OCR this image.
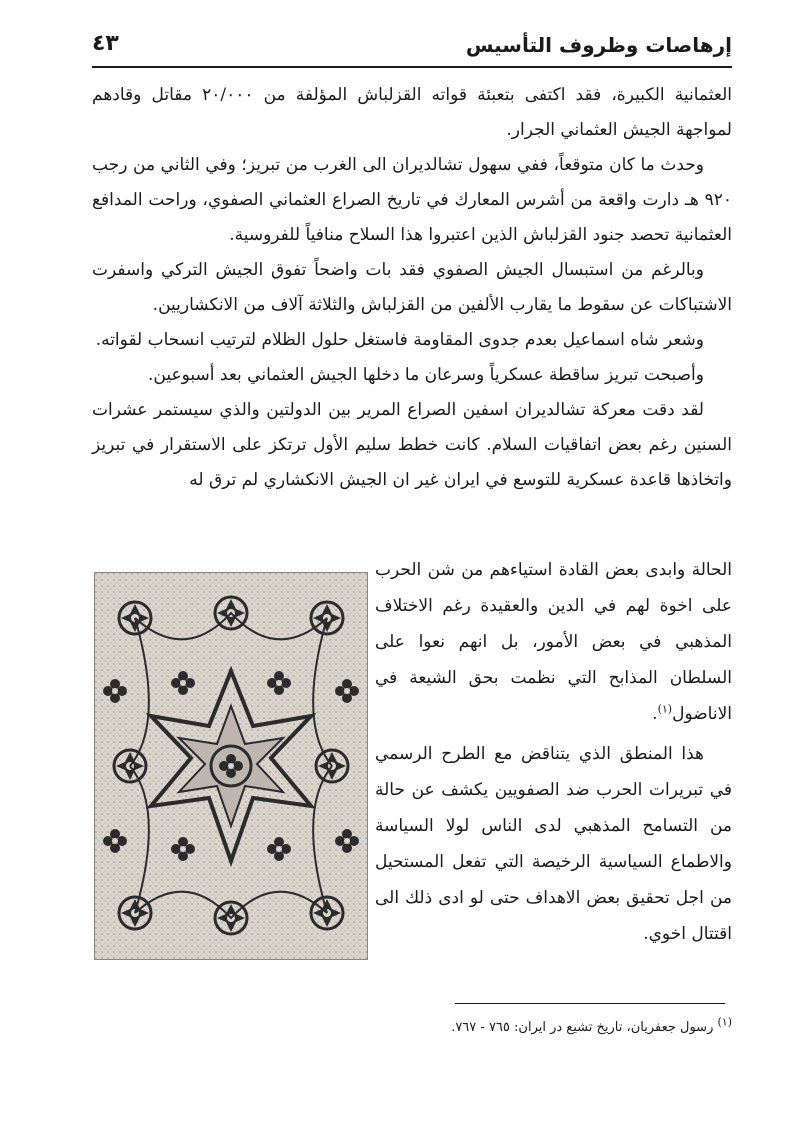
إرهاصات وظروف التأسيس
٤٣

العثمانية الكبيرة، فقد اكتفى بتعبئة قواته القزلباش المؤلفة من ٢٠/٠٠٠ مقاتل وقادهم لمواجهة الجيش العثماني الجرار.

وحدث ما كان متوقعاً، ففي سهول تشالديران الى الغرب من تبريز؛ وفي الثاني من رجب ٩٢٠ هـ دارت واقعة من أشرس المعارك في تاريخ الصراع العثماني الصفوي، وراحت المدافع العثمانية تحصد جنود القزلباش الذين اعتبروا هذا السلاح منافياً للفروسية.

وبالرغم من استبسال الجيش الصفوي فقد بات واضحاً تفوق الجيش التركي واسفرت الاشتباكات عن سقوط ما يقارب الألفين من القزلباش والثلاثة آلاف من الانكشاريين.

وشعر شاه اسماعيل بعدم جدوى المقاومة فاستغل حلول الظلام لترتيب انسحاب لقواته.

وأصبحت تبريز ساقطة عسكرياً وسرعان ما دخلها الجيش العثماني بعد أسبوعين.

لقد دقت معركة تشالديران اسفين الصراع المرير بين الدولتين والذي سيستمر عشرات السنين رغم بعض اتفاقيات السلام. كانت خطط سليم الأول ترتكز على الاستقرار في تبريز واتخاذها قاعدة عسكرية للتوسع في ايران غير ان الجيش الانكشاري لم ترق له

الحالة وابدى بعض القادة استياءهم من شن الحرب على اخوة لهم في الدين والعقيدة رغم الاختلاف المذهبي في بعض الأمور، بل انهم نعوا على السلطان المذابح التي نظمت بحق الشيعة في الاناضول$^{(١)}$.

هذا المنطق الذي يتناقض مع الطرح الرسمي في تبريرات الحرب ضد الصفويين يكشف عن حالة من التسامح المذهبي لدى الناس لولا السياسة والاطماع السياسية الرخيصة التي تفعل المستحيل من اجل تحقيق بعض الاهداف حتى لو ادى ذلك الى اقتتال اخوي.

$^{(١)}$ رسول جعفريان، تاريخ تشيع در ايران: ٧٦٥ - ٧٦٧.
